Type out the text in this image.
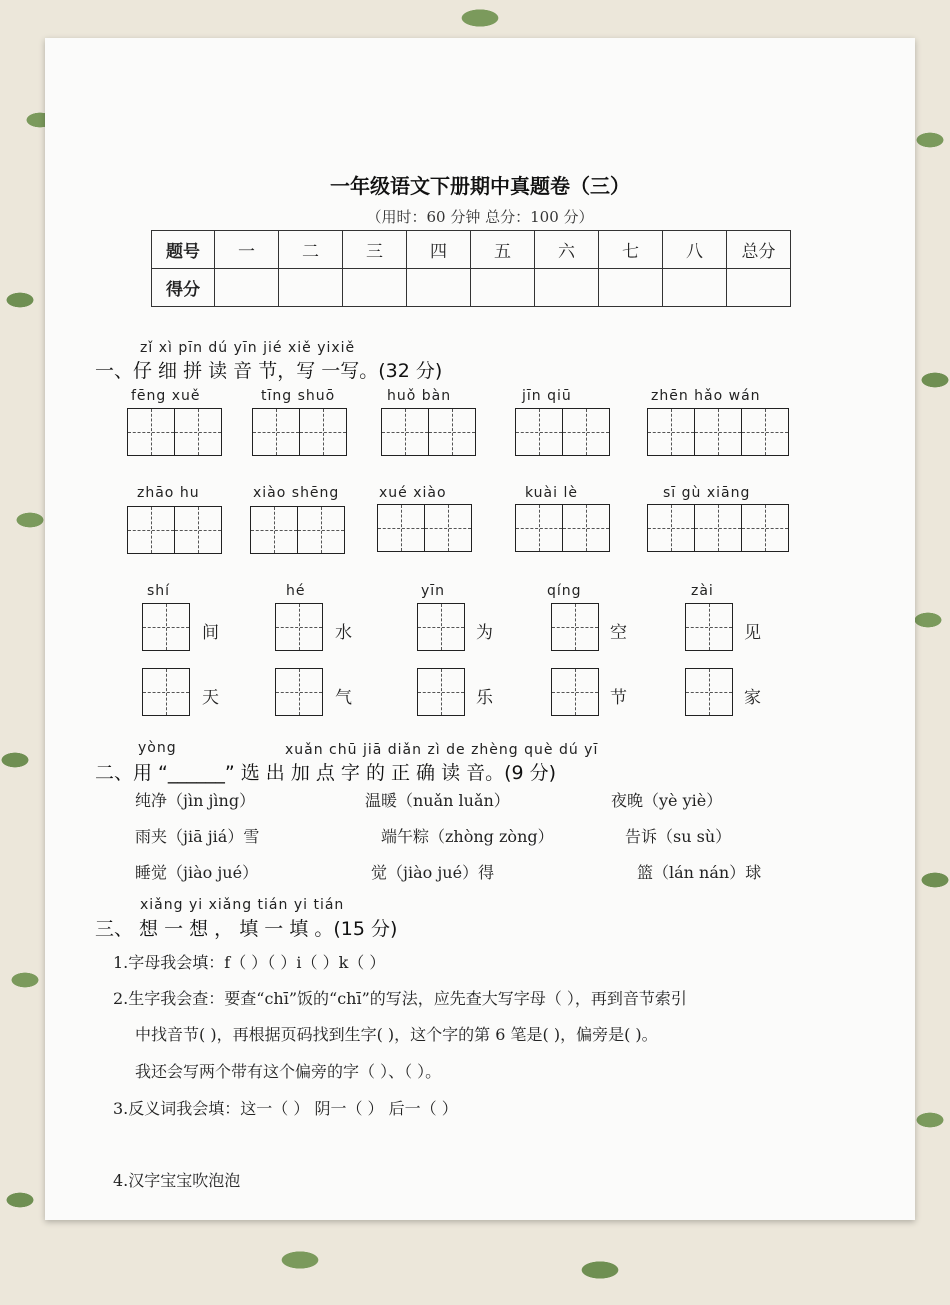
一年级语文下册期中真题卷（三）
（用时：60 分钟 总分：100 分）
题号	一	二	三	四	五	六	七	八	总分
得分									
zǐ xì pīn dú yīn jié xiě yixiě
一、仔 细 拼 读 音 节，写 一写。(32 分)
fēng xuě	tīng shuō	huǒ bàn	jīn qiū	zhēn hǎo wán
zhāo hu	xiào shēng	xué xiào	kuài lè	sī gù xiāng
shí
间
天
hé
水
气
yīn
为
乐
qíng
空
节
zài
见
家
yòng	xuǎn chū jiā diǎn zì de zhèng què dú yī
二、用 “______” 选 出 加 点 字 的 正 确 读 音。(9 分)
纯净（jìn jìng）	温暖（nuǎn luǎn）	夜晚（yè yiè）
雨夹（jiā jiá）雪	端午粽（zhòng zòng）	告诉（su sù）
睡觉（jiào jué）	觉（jiào jué）得	篮（lán nán）球
xiǎng yi xiǎng tián yi tián
三、 想 一 想 ， 填 一 填 。(15 分)
1.字母我会填：f（ ）（ ）i（ ）k（ ）
2.生字我会查：要查“chī”饭的“chī”的写法，应先查大写字母（ ），再到音节索引
中找音节( )，再根据页码找到生字( )，这个字的第 6 笔是( )，偏旁是( )。
我还会写两个带有这个偏旁的字（ ）、（ ）。
3.反义词我会填：这一（ ） 阴一（ ） 后一（ ）
4.汉字宝宝吹泡泡
